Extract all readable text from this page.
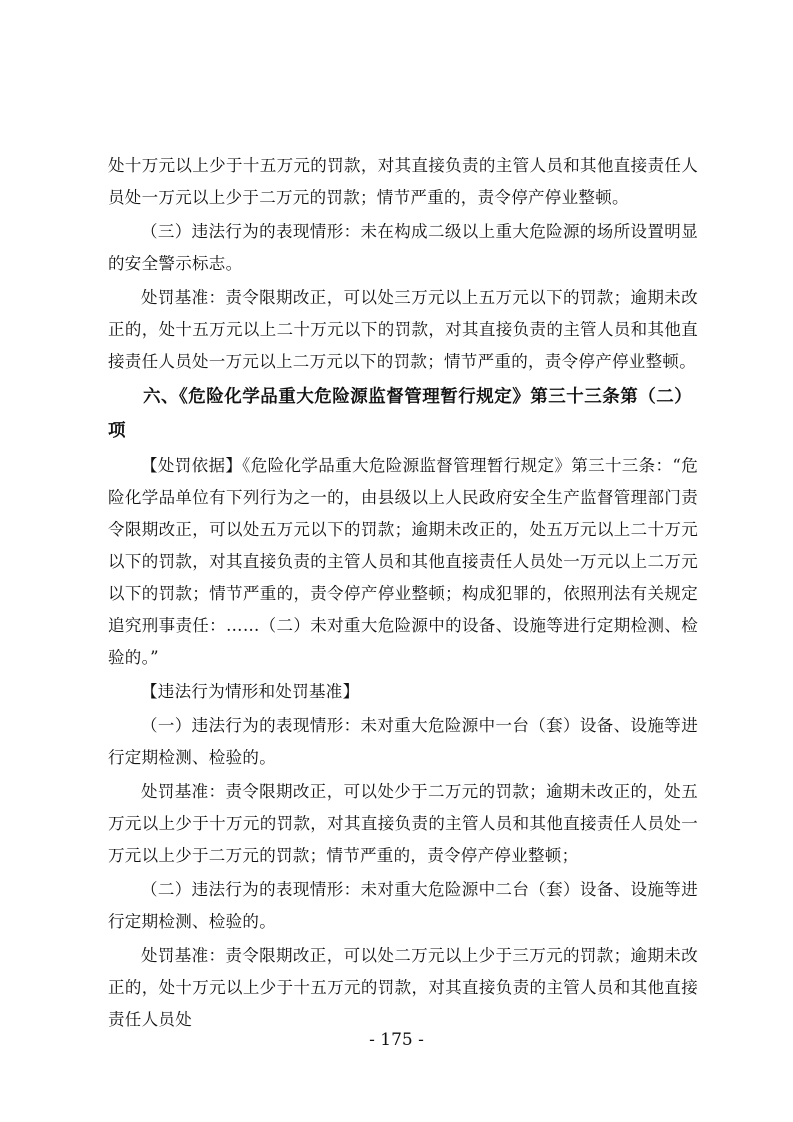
处十万元以上少于十五万元的罚款，对其直接负责的主管人员和其他直接责任人员处一万元以上少于二万元的罚款；情节严重的，责令停产停业整顿。

（三）违法行为的表现情形：未在构成二级以上重大危险源的场所设置明显的安全警示标志。

处罚基准：责令限期改正，可以处三万元以上五万元以下的罚款；逾期未改正的，处十五万元以上二十万元以下的罚款，对其直接负责的主管人员和其他直接责任人员处一万元以上二万元以下的罚款；情节严重的，责令停产停业整顿。

六、《危险化学品重大危险源监督管理暂行规定》第三十三条第（二）项

【处罚依据】《危险化学品重大危险源监督管理暂行规定》第三十三条：“危险化学品单位有下列行为之一的，由县级以上人民政府安全生产监督管理部门责令限期改正，可以处五万元以下的罚款；逾期未改正的，处五万元以上二十万元以下的罚款，对其直接负责的主管人员和其他直接责任人员处一万元以上二万元以下的罚款；情节严重的，责令停产停业整顿；构成犯罪的，依照刑法有关规定追究刑事责任：……（二）未对重大危险源中的设备、设施等进行定期检测、检验的。”

【违法行为情形和处罚基准】

（一）违法行为的表现情形：未对重大危险源中一台（套）设备、设施等进行定期检测、检验的。

处罚基准：责令限期改正，可以处少于二万元的罚款；逾期未改正的，处五万元以上少于十万元的罚款，对其直接负责的主管人员和其他直接责任人员处一万元以上少于二万元的罚款；情节严重的，责令停产停业整顿；

（二）违法行为的表现情形：未对重大危险源中二台（套）设备、设施等进行定期检测、检验的。

处罚基准：责令限期改正，可以处二万元以上少于三万元的罚款；逾期未改正的，处十万元以上少于十五万元的罚款，对其直接负责的主管人员和其他直接责任人员处

- 175 -
